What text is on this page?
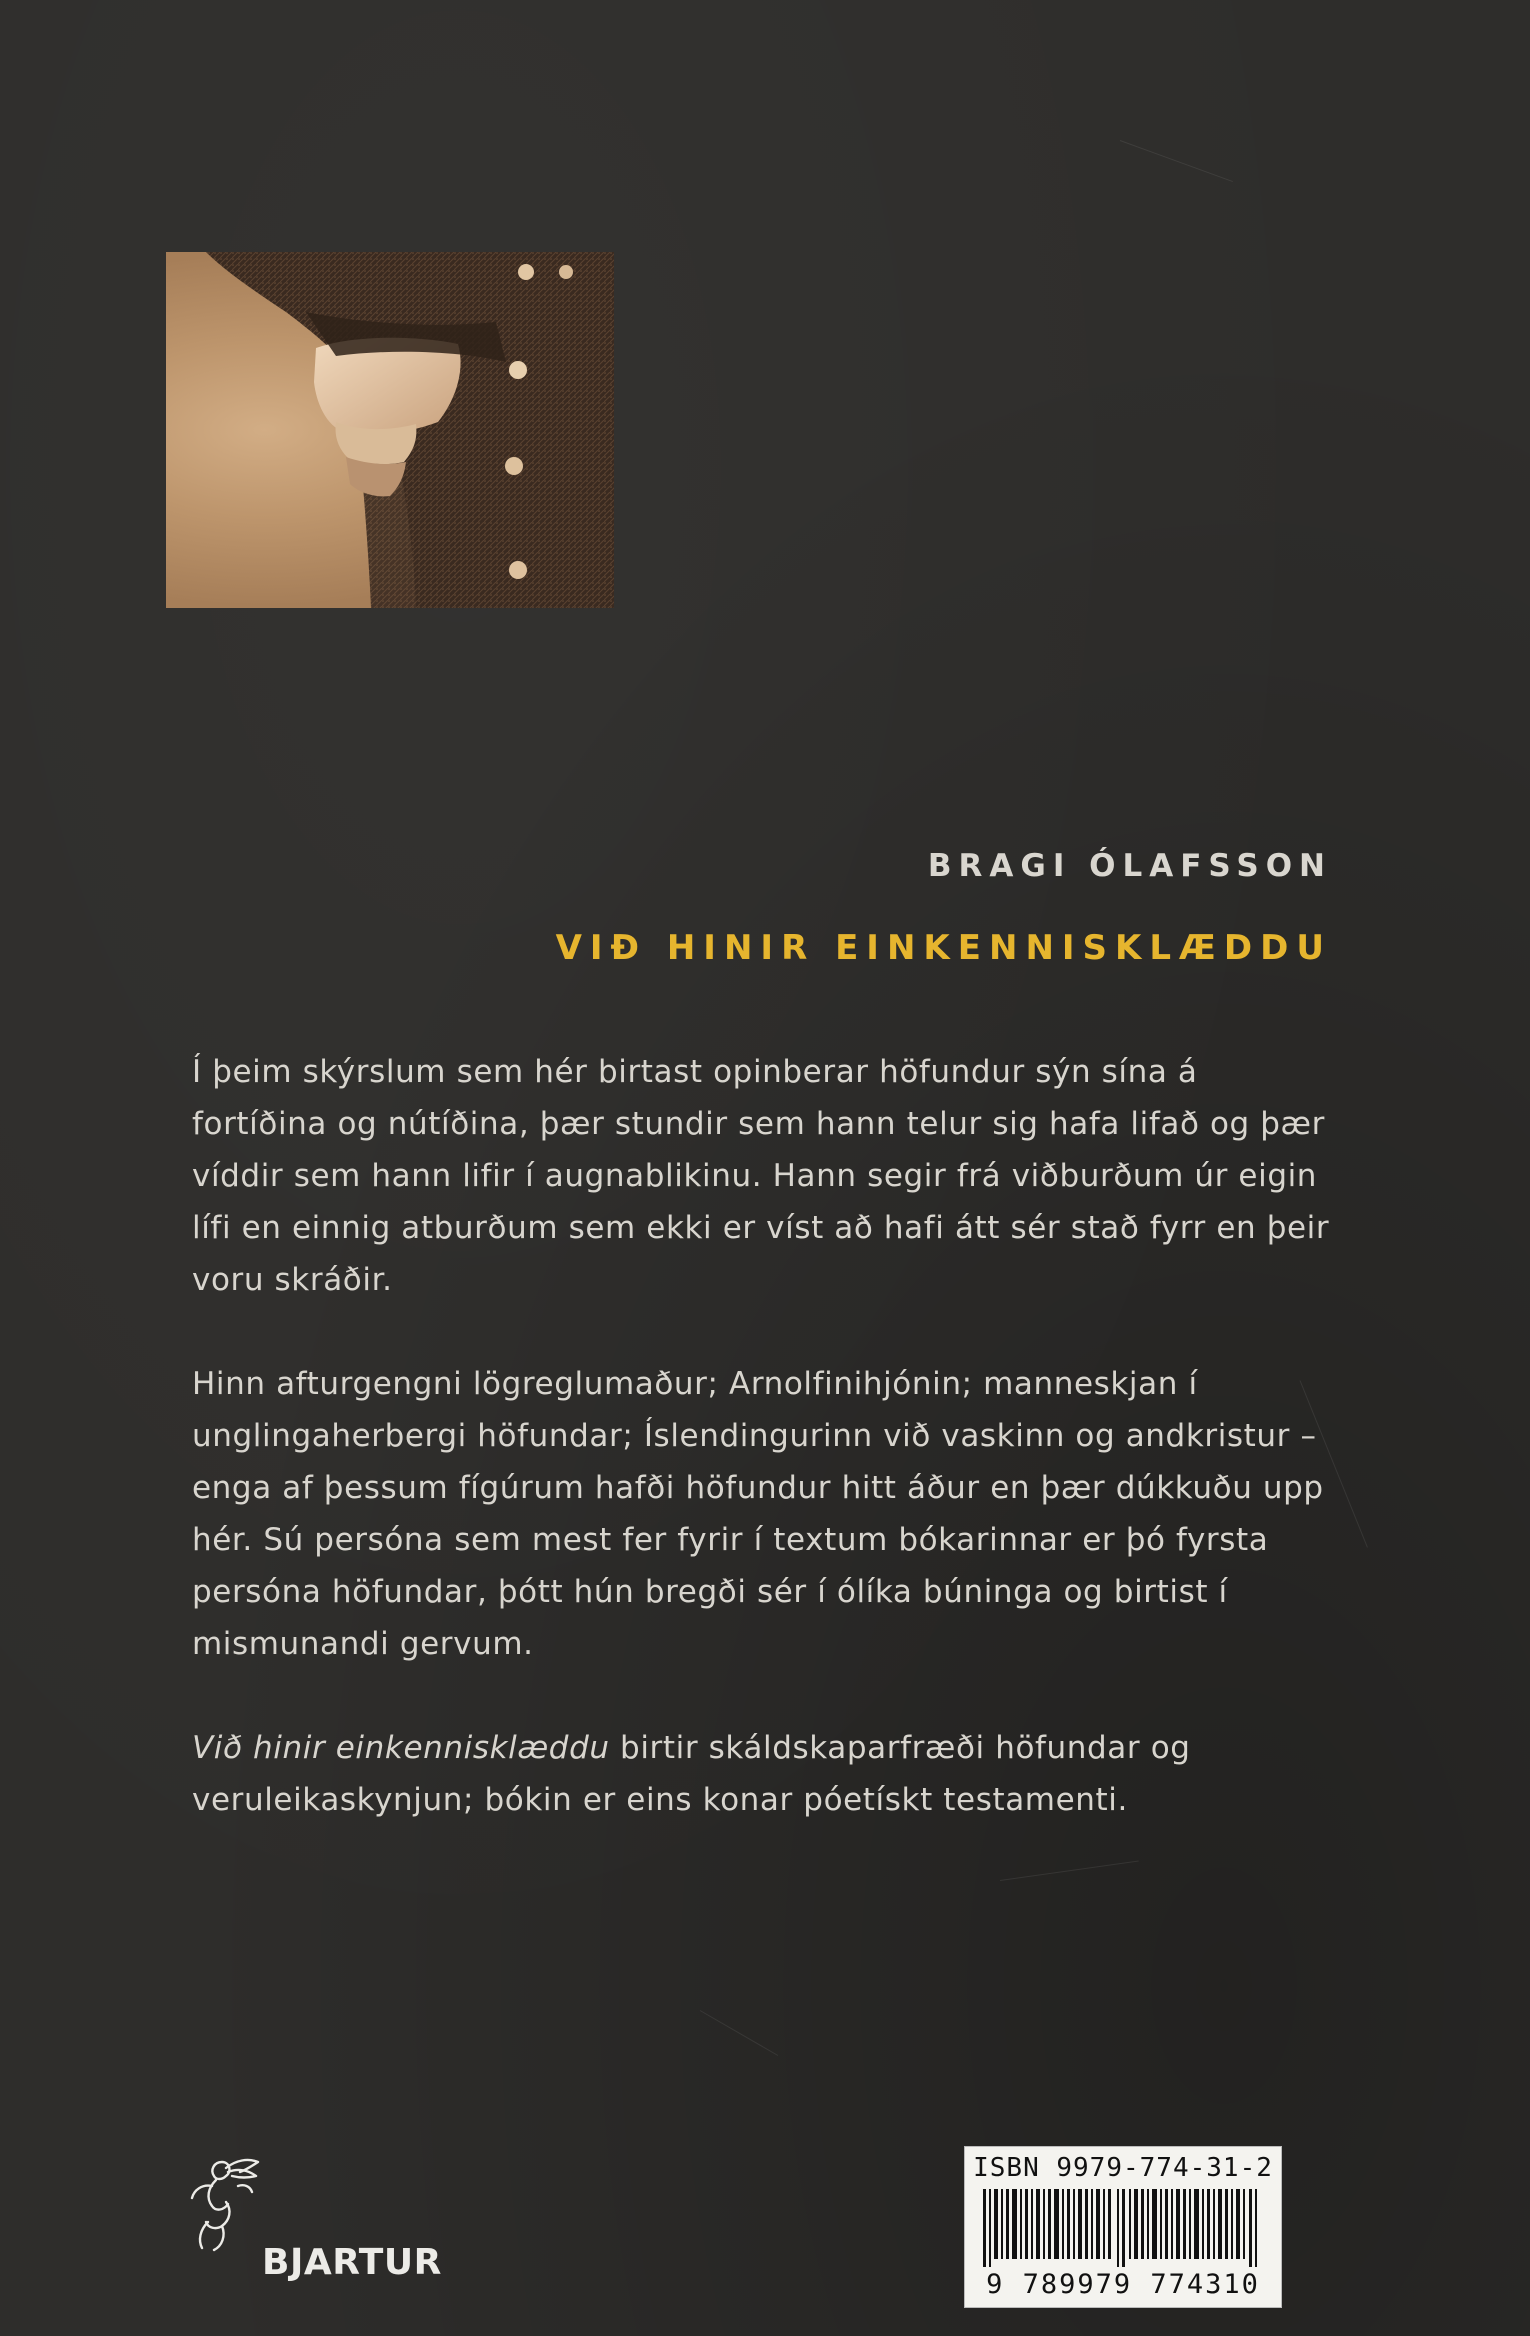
BRAGI ÓLAFSSON
VIÐ HINIR EINKENNISKLÆDDU

Í þeim skýrslum sem hér birtast opinberar höfundur sýn sína á fortíðina og nútíðina, þær stundir sem hann telur sig hafa lifað og þær víddir sem hann lifir í augnablikinu. Hann segir frá viðburðum úr eigin lífi en einnig atburðum sem ekki er víst að hafi átt sér stað fyrr en þeir voru skráðir.

Hinn afturgengni lögreglumaður; Arnolfinihjónin; manneskjan í unglingaherbergi höfundar; Íslendingurinn við vaskinn og andkristur – enga af þessum fígúrum hafði höfundur hitt áður en þær dúkkuðu upp hér. Sú persóna sem mest fer fyrir í textum bókarinnar er þó fyrsta persóna höfundar, þótt hún bregði sér í ólíka búninga og birtist í mismunandi gervum.

Við hinir einkennisklæddu birtir skáldskaparfræði höfundar og veruleikaskynjun; bókin er eins konar póetískt testamenti.

BJARTUR
ISBN 9979-774-31-2
9 789979 774310
